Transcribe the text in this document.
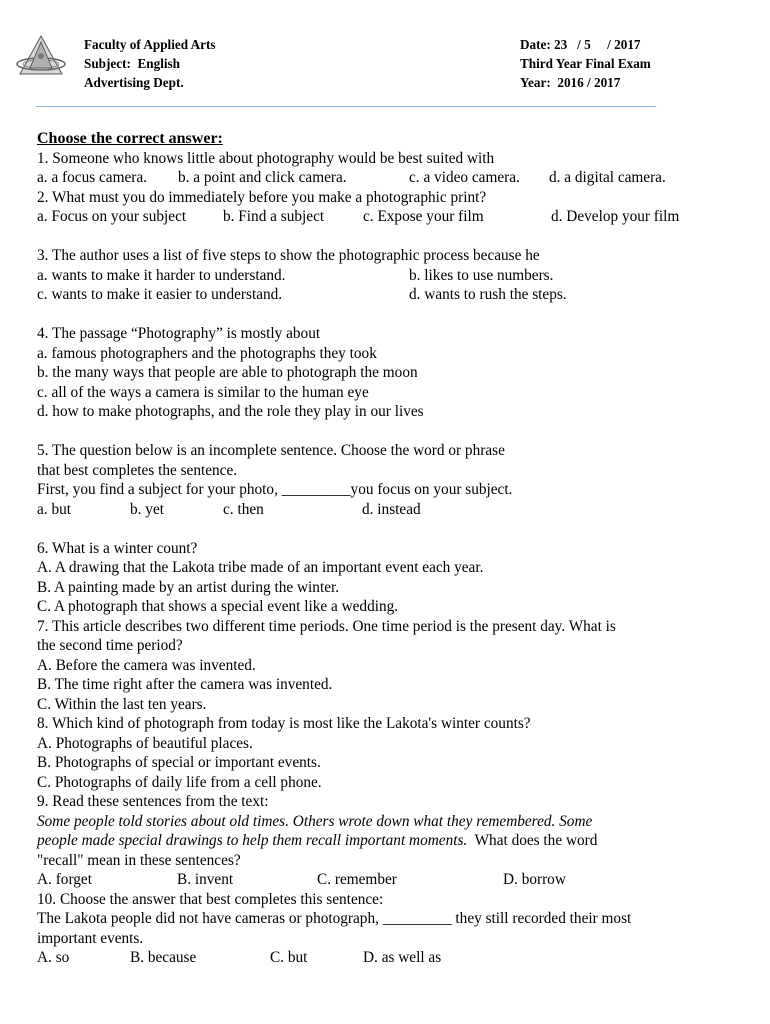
Faculty of Applied Arts
Subject:  English
Advertising Dept.
Date: 23   / 5     / 2017
Third Year Final Exam
Year:  2016 / 2017
Choose the correct answer:
1. Someone who knows little about photography would be best suited with
a. a focus camera.	b. a point and click camera.	c. a video camera.	d. a digital camera.
2. What must you do immediately before you make a photographic print?
a. Focus on your subject	b. Find a subject	c. Expose your film	d. Develop your film
3. The author uses a list of five steps to show the photographic process because he
a. wants to make it harder to understand.	b. likes to use numbers.
c. wants to make it easier to understand.	d. wants to rush the steps.
4. The passage “Photography” is mostly about
a. famous photographers and the photographs they took
b. the many ways that people are able to photograph the moon
c. all of the ways a camera is similar to the human eye
d. how to make photographs, and the role they play in our lives
5. The question below is an incomplete sentence. Choose the word or phrase
that best completes the sentence.
First, you find a subject for your photo, _________you focus on your subject.
a. but	b. yet	c. then	d. instead
6. What is a winter count?
A. A drawing that the Lakota tribe made of an important event each year.
B. A painting made by an artist during the winter.
C. A photograph that shows a special event like a wedding.
7. This article describes two different time periods. One time period is the present day. What is
the second time period?
A. Before the camera was invented.
B. The time right after the camera was invented.
C. Within the last ten years.
8. Which kind of photograph from today is most like the Lakota's winter counts?
A. Photographs of beautiful places.
B. Photographs of special or important events.
C. Photographs of daily life from a cell phone.
9. Read these sentences from the text:
Some people told stories about old times. Others wrote down what they remembered. Some
people made special drawings to help them recall important moments.  What does the word
"recall" mean in these sentences?
A. forget	B. invent	C. remember	D. borrow
10. Choose the answer that best completes this sentence:
The Lakota people did not have cameras or photograph, _________ they still recorded their most
important events.
A. so	B. because	C. but	D. as well as
